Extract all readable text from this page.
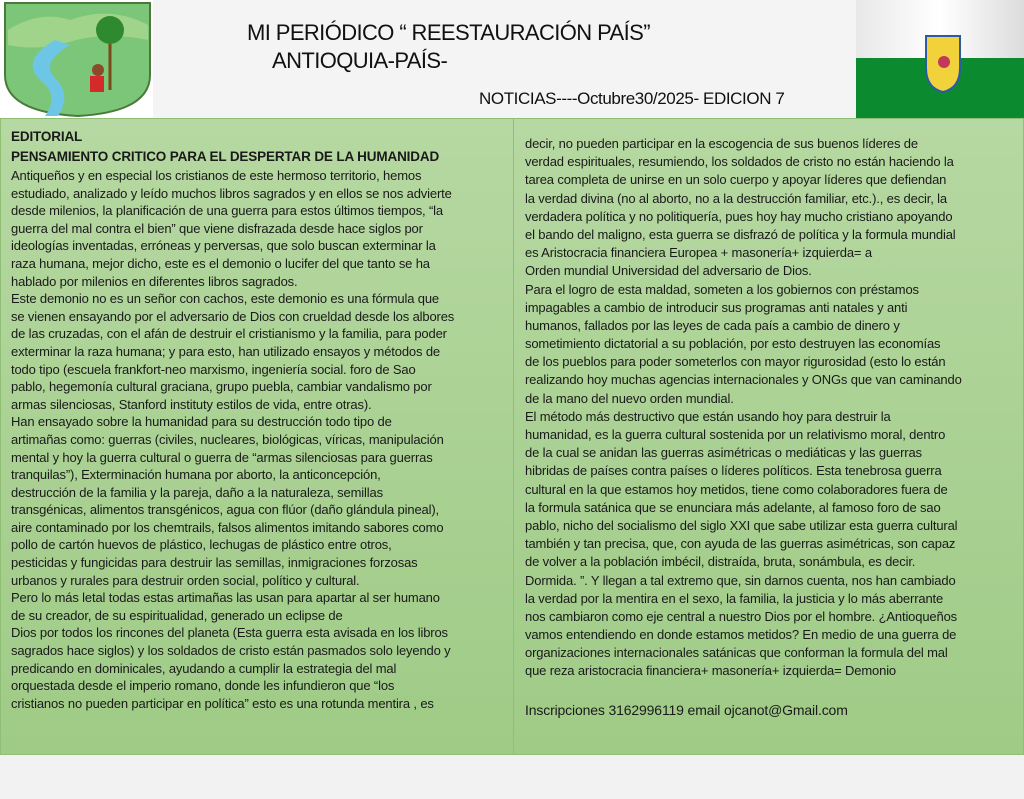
MI PERIÓDICO “ REESTAURACIÓN PAÍS”
ANTIOQUIA-PAÍS-
NOTICIAS----Octubre30/2025- EDICION 7
EDITORIAL
PENSAMIENTO CRITICO PARA EL DESPERTAR DE LA HUMANIDAD
Antiqueños y en especial los cristianos de este hermoso territorio, hemos
estudiado, analizado y leído muchos libros sagrados y en ellos se nos advierte
desde milenios, la planificación de una guerra para estos últimos tiempos, “la
guerra del mal contra el bien” que viene disfrazada desde hace siglos por
ideologías inventadas, erróneas y perversas, que solo buscan exterminar la
raza humana, mejor dicho, este es el demonio o lucifer del que tanto se ha
hablado por milenios en diferentes libros sagrados.
Este demonio no es un señor con cachos, este demonio es una fórmula que
se vienen ensayando por el adversario de Dios con crueldad desde los albores
de las cruzadas, con el afán de destruir el cristianismo y la familia, para poder
exterminar la raza humana; y para esto, han utilizado ensayos y métodos de
todo tipo (escuela frankfort-neo marxismo, ingeniería social. foro de Sao
pablo, hegemonía cultural graciana, grupo puebla, cambiar vandalismo por
armas silenciosas, Stanford instituty estilos de vida, entre otras).
Han ensayado sobre la humanidad para su destrucción todo tipo de
artimañas como: guerras (civiles, nucleares, biológicas, víricas, manipulación
mental y hoy la guerra cultural o guerra de “armas silenciosas para guerras
tranquilas”), Exterminación humana por aborto, la anticoncepción,
destrucción de la familia y la pareja, daño a la naturaleza, semillas
transgénicas, alimentos transgénicos, agua con flúor (daño glándula pineal),
aire contaminado por los chemtrails, falsos alimentos imitando sabores como
pollo de cartón huevos de plástico, lechugas de plástico entre otros,
pesticidas y fungicidas para destruir las semillas, inmigraciones forzosas
urbanos y rurales para destruir orden social, político y cultural.
Pero lo más letal todas estas artimañas las usan para apartar al ser humano
de su creador, de su espiritualidad, generado un eclipse de
Dios por todos los rincones del planeta (Esta guerra esta avisada en los libros
sagrados hace siglos) y los soldados de cristo están pasmados solo leyendo y
predicando en dominicales, ayudando a cumplir la estrategia del mal
orquestada desde el imperio romano, donde les infundieron que “los
cristianos no pueden participar en política” esto es una rotunda mentira , es
decir, no pueden participar en la escogencia de sus buenos líderes de
verdad espirituales, resumiendo, los soldados de cristo no están haciendo la
tarea completa de unirse en un solo cuerpo y apoyar líderes que defiendan
la verdad divina (no al aborto, no a la destrucción familiar, etc.)., es decir, la
verdadera política y no politiquería, pues hoy hay mucho cristiano apoyando
el bando del maligno, esta guerra se disfrazó de política y la formula mundial
es Aristocracia financiera Europea + masonería+ izquierda= a
Orden mundial Universidad del adversario de Dios.
Para el logro de esta maldad, someten a los gobiernos con préstamos
impagables a cambio de introducir sus programas anti natales y anti
humanos, fallados por las leyes de cada país a cambio de dinero y
sometimiento dictatorial a su población, por esto destruyen las economías
de los pueblos para poder someterlos con mayor rigurosidad (esto lo están
realizando hoy muchas agencias internacionales y ONGs que van caminando
de la mano del nuevo orden mundial.
El método más destructivo que están usando hoy para destruir la
humanidad, es la guerra cultural sostenida por un relativismo moral, dentro
de la cual se anidan las guerras asimétricas o mediáticas y las guerras
hibridas de países contra países o líderes políticos. Esta tenebrosa guerra
cultural en la que estamos hoy metidos, tiene como colaboradores fuera de
la formula satánica que se enunciara más adelante, al famoso foro de sao
pablo, nicho del socialismo del siglo XXI que sabe utilizar esta guerra cultural
también y tan precisa, que, con ayuda de las guerras asimétricas, son capaz
de volver a la población imbécil, distraída, bruta, sonámbula, es decir.
Dormida. ”. Y llegan a tal extremo que, sin darnos cuenta, nos han cambiado
la verdad por la mentira en el sexo, la familia, la justicia y lo más aberrante
nos cambiaron como eje central a nuestro Dios por el hombre. ¿Antioqueños
vamos entendiendo en donde estamos metidos? En medio de una guerra de
organizaciones internacionales satánicas que conforman la formula del mal
que reza aristocracia financiera+ masonería+ izquierda= Demonio
Inscripciones 3162996119 email ojcanot@Gmail.com
